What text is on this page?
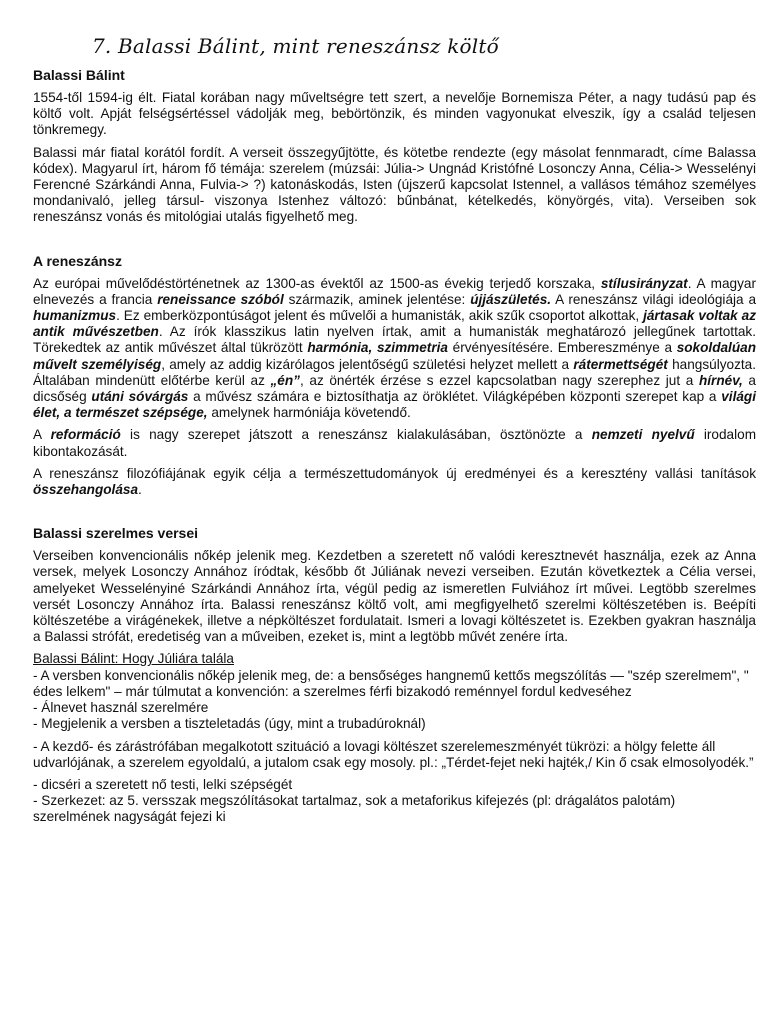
7. Balassi Bálint, mint reneszánsz költő
Balassi Bálint

1554-től 1594-ig élt. Fiatal korában nagy műveltségre tett szert, a nevelője Bornemisza Péter, a nagy tudású pap és költő volt. Apját felségsértéssel vádolják meg, bebörtönzik, és minden vagyonukat elveszik, így a család teljesen tönkremegy.

Balassi már fiatal korától fordít. A verseit összegyűjtötte, és kötetbe rendezte (egy másolat fennmaradt, címe Balassa kódex). Magyarul írt, három fő témája: szerelem (múzsái: Júlia-> Ungnád Kristófné Losonczy Anna, Célia-> Wesselényi Ferencné Szárkándi Anna, Fulvia-> ?) katonáskodás, Isten (újszerű kapcsolat Istennel, a vallásos témához személyes mondanivaló, jelleg társul- viszonya Istenhez változó: bűnbánat, kételkedés, könyörgés, vita). Verseiben sok reneszánsz vonás és mitológiai utalás figyelhető meg.

A reneszánsz

Az európai művelődéstörténetnek az 1300-as évektől az 1500-as évekig terjedő korszaka, stílusirányzat. A magyar elnevezés a francia reneissance szóból származik, aminek jelentése: újjászületés. A reneszánsz világi ideológiája a humanizmus. Ez emberközpontúságot jelent és művelői a humanisták, akik szűk csoportot alkottak, jártasak voltak az antik művészetben. Az írók klasszikus latin nyelven írtak, amit a humanisták meghatározó jellegűnek tartottak. Törekedtek az antik művészet által tükrözött harmónia, szimmetria érvényesítésére. Embereszménye a sokoldalúan művelt személyiség, amely az addig kizárólagos jelentőségű születési helyzet mellett a rátermettségét hangsúlyozta. Általában mindenütt előtérbe kerül az „én”, az önérték érzése s ezzel kapcsolatban nagy szerephez jut a hírnév, a dicsőség utáni sóvárgás a művész számára e biztosíthatja az öröklétet. Világképében központi szerepet kap a világi élet, a természet szépsége, amelynek harmóniája követendő.

A reformáció is nagy szerepet játszott a reneszánsz kialakulásában, ösztönözte a nemzeti nyelvű irodalom kibontakozását.

A reneszánsz filozófiájának egyik célja a természettudományok új eredményei és a keresztény vallási tanítások összehangolása.

Balassi szerelmes versei

Verseiben konvencionális nőkép jelenik meg. Kezdetben a szeretett nő valódi keresztnevét használja, ezek az Anna versek, melyek Losonczy Annához íródtak, később őt Júliának nevezi verseiben. Ezután következtek a Célia versei, amelyeket Wesselényiné Szárkándi Annához írta, végül pedig az ismeretlen Fulviához írt művei. Legtöbb szerelmes versét Losonczy Annához írta. Balassi reneszánsz költő volt, ami megfigyelhető szerelmi költészetében is. Beépíti költészetébe a virágénekek, illetve a népköltészet fordulatait. Ismeri a lovagi költészetet is. Ezekben gyakran használja a Balassi strófát, eredetiség van a műveiben, ezeket is, mint a legtöbb művét zenére írta.

Balassi Bálint: Hogy Júliára talála

- A versben konvencionális nőkép jelenik meg, de: a bensőséges hangnemű kettős megszólítás — "szép szerelmem", " édes lelkem" – már túlmutat a konvención: a szerelmes férfi bizakodó reménnyel fordul kedveséhez

- Álnevet használ szerelmére

- Megjelenik a versben a tiszteletadás (úgy, mint a trubadúroknál)

- A kezdő- és zárástrófában megalkotott szituáció a lovagi költészet szerelemeszményét tükrözi: a hölgy felette áll udvarlójának, a szerelem egyoldalú, a jutalom csak egy mosoly. pl.: „Térdet-fejet neki hajték,/ Kin ő csak elmosolyodék.”

- dicséri a szeretett nő testi, lelki szépségét

- Szerkezet: az 5. versszak megszólításokat tartalmaz, sok a metaforikus kifejezés (pl: drágalátos palotám) szerelmének nagyságát fejezi ki
